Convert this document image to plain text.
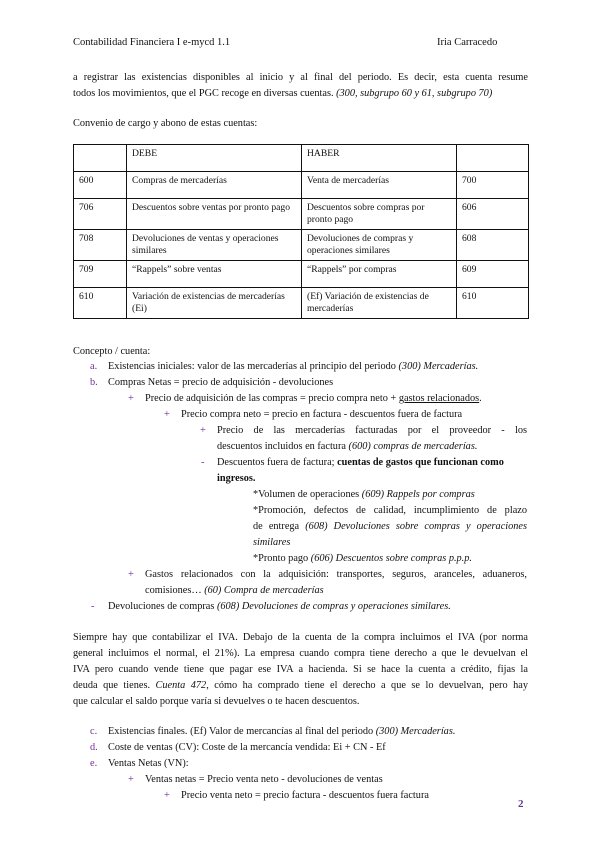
Contabilidad Financiera I e-mycd 1.1	Iria Carracedo
a registrar las existencias disponibles al inicio y al final del periodo. Es decir, esta cuenta resume
todos los movimientos, que el PGC recoge en diversas cuentas. (300, subgrupo 60 y 61, subgrupo 70)
Convenio de cargo y abono de estas cuentas:
	DEBE	HABER	
600	Compras de mercaderías	Venta de mercaderías	700
706	Descuentos sobre ventas por pronto pago	Descuentos sobre compras por pronto pago	606
708	Devoluciones de ventas y operaciones similares	Devoluciones de compras y operaciones similares	608
709	“Rappels” sobre ventas	“Rappels” por compras	609
610	Variación de existencias de mercaderías (Ei)	(Ef) Variación de existencias de mercaderías	610
Concepto / cuenta:
a. Existencias iniciales: valor de las mercaderías al principio del periodo (300) Mercaderías.
b. Compras Netas = precio de adquisición - devoluciones
+ Precio de adquisición de las compras = precio compra neto + gastos relacionados.
+ Precio compra neto = precio en factura - descuentos fuera de factura
+ Precio de las mercaderías facturadas por el proveedor - los
descuentos incluidos en factura (600) compras de mercaderías.
- Descuentos fuera de factura; cuentas de gastos que funcionan como
ingresos.
*Volumen de operaciones (609) Rappels por compras
*Promoción, defectos de calidad, incumplimiento de plazo
de entrega (608) Devoluciones sobre compras y operaciones
similares
*Pronto pago (606) Descuentos sobre compras p.p.p.
+ Gastos relacionados con la adquisición: transportes, seguros, aranceles, aduaneros,
comisiones… (60) Compra de mercaderías
- Devoluciones de compras (608) Devoluciones de compras y operaciones similares.
Siempre hay que contabilizar el IVA. Debajo de la cuenta de la compra incluimos el IVA (por norma
general incluimos el normal, el 21%). La empresa cuando compra tiene derecho a que le devuelvan el
IVA pero cuando vende tiene que pagar ese IVA a hacienda. Si se hace la cuenta a crédito, fijas la
deuda que tienes. Cuenta 472, cómo ha comprado tiene el derecho a que se lo devuelvan, pero hay
que calcular el saldo porque varía si devuelves o te hacen descuentos.
c. Existencias finales. (Ef) Valor de mercancías al final del periodo (300) Mercaderías.
d. Coste de ventas (CV): Coste de la mercancía vendida: Ei + CN - Ef
e. Ventas Netas (VN):
+ Ventas netas = Precio venta neto - devoluciones de ventas
+ Precio venta neto = precio factura - descuentos fuera factura
2
